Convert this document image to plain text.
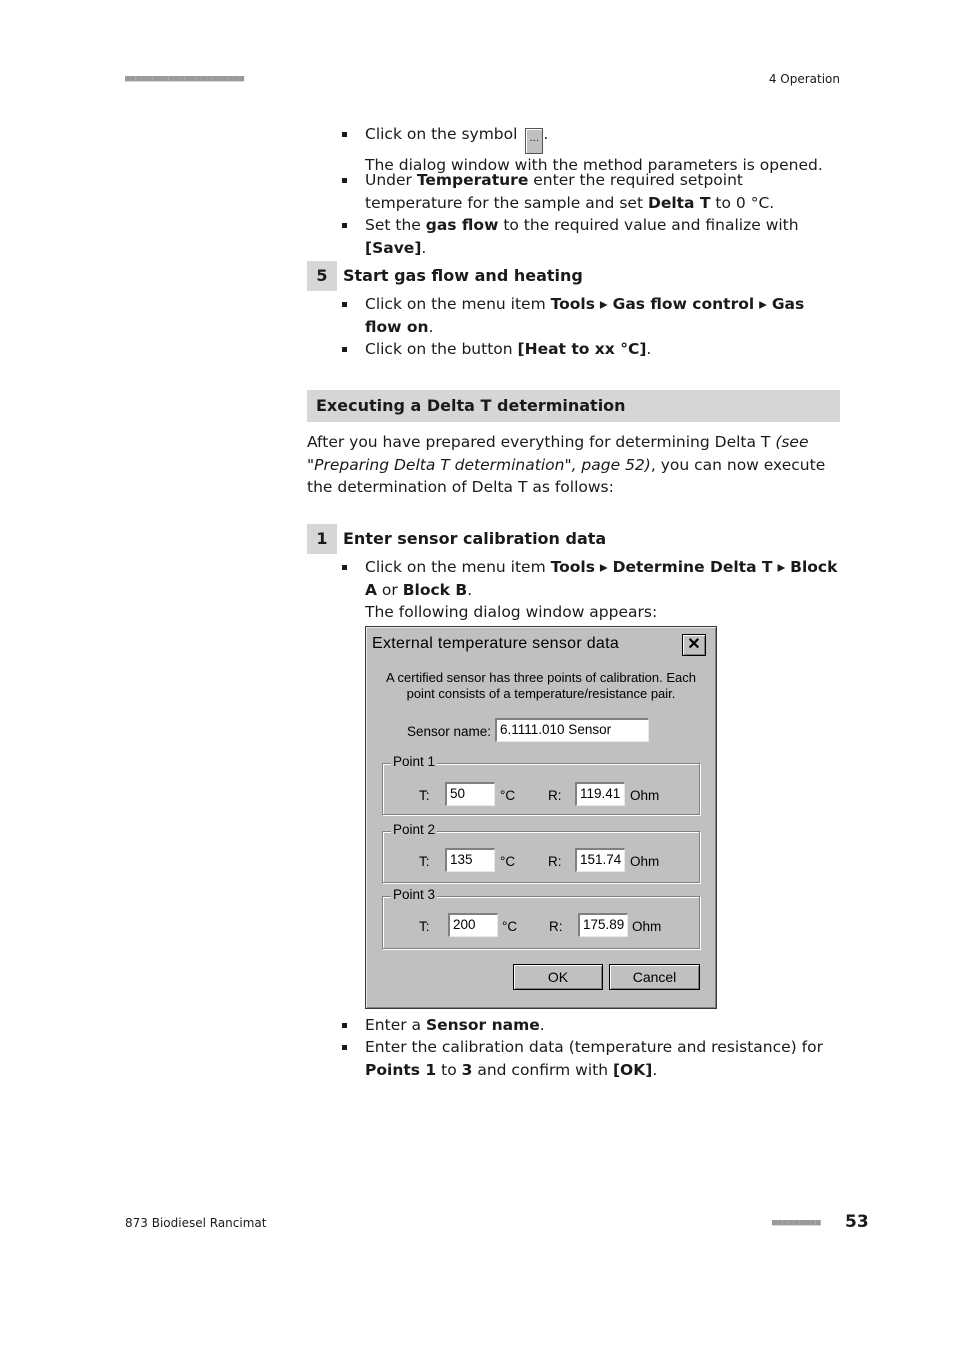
■■■■■■■■■■■■■■■■■■■■■■	4 Operation
Click on the symbol ... .
The dialog window with the method parameters is opened.
Under Temperature enter the required setpoint temperature for the sample and set Delta T to 0 °C.
Set the gas flow to the required value and finalize with [Save].
5 Start gas flow and heating
Click on the menu item Tools ▸ Gas flow control ▸ Gas flow on.
Click on the button [Heat to xx °C].
Executing a Delta T determination
After you have prepared everything for determining Delta T (see "Preparing Delta T determination", page 52), you can now execute the determination of Delta T as follows:
1 Enter sensor calibration data
Click on the menu item Tools ▸ Determine Delta T ▸ Block A or Block B.
The following dialog window appears:
External temperature sensor data	✕
A certified sensor has three points of calibration. Each point consists of a temperature/resistance pair.
Sensor name: 6.1111.010 Sensor
Point 1
T:	50	°C R:	119.41 Ohm
Point 2
T:	135	°C R:	151.74 Ohm
Point 3
T:	200	°C R:	175.89 Ohm
OK	Cancel
Enter a Sensor name.
Enter the calibration data (temperature and resistance) for Points 1 to 3 and confirm with [OK].
873 Biodiesel Rancimat	■■■■■■■■■ 53
